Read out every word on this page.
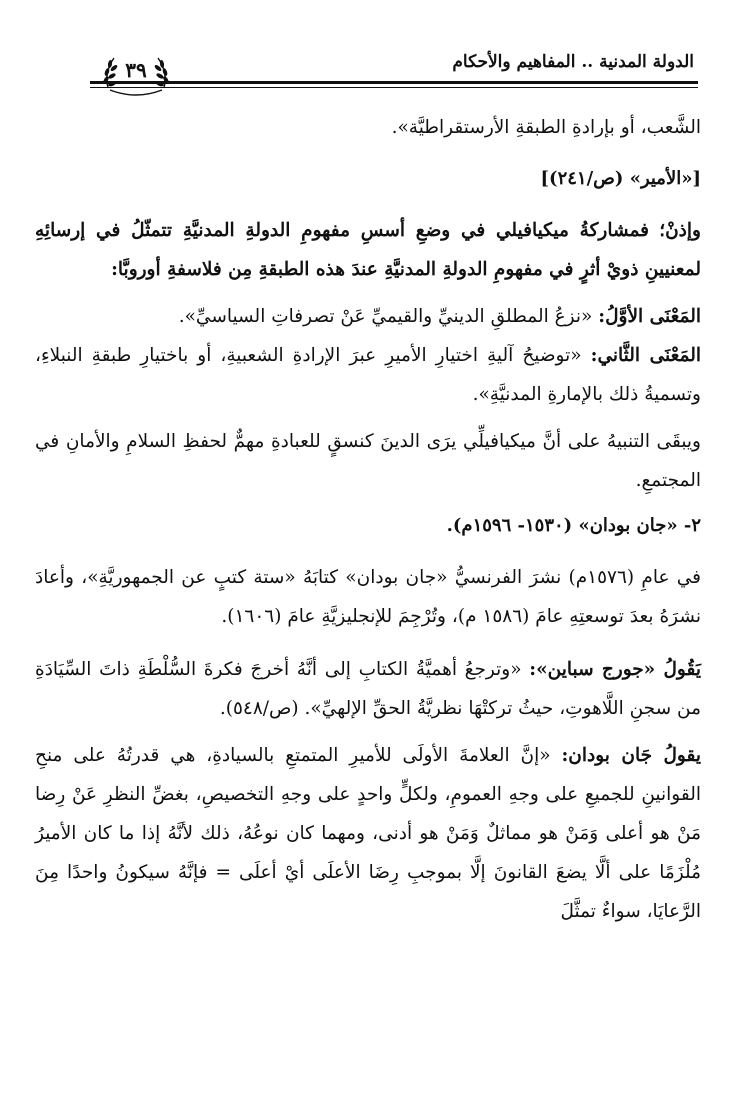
الدولة المدنية .. المفاهيم والأحكام
٣٩

الشَّعب، أو بإرادةِ الطبقةِ الأرستقراطيَّة».

[«الأمير» (ص/٢٤١)]

وإذنْ؛ فمشاركةُ ميكيافيلي في وضعِ أسسِ مفهومِ الدولةِ المدنيَّةِ تتمثّلُ في إرسائِهِ لمعنيينِ ذويْ أثرٍ في مفهومِ الدولةِ المدنيَّةِ عندَ هذه الطبقةِ مِن فلاسفةِ أوروبَّا:

المَعْنَى الأوَّلُ: «نزعُ المطلقِ الدينيِّ والقيميِّ عَنْ تصرفاتِ السياسيِّ».

المَعْنَى الثَّاني: «توضيحُ آليةِ اختيارِ الأميرِ عبرَ الإرادةِ الشعبيةِ، أو باختيارِ طبقةِ النبلاءِ، وتسميةُ ذلك بالإمارةِ المدنيَّةِ».

ويبقَى التنبيهُ على أنَّ ميكيافيلِّي يرَى الدينَ كنسقٍ للعبادةِ مهمٌّ لحفظِ السلامِ والأمانِ في المجتمعِ.

٢- «جان بودان» (١٥٣٠- ١٥٩٦م).

في عامِ (١٥٧٦م) نشرَ الفرنسيُّ «جان بودان» كتابَهُ «ستة كتبٍ عن الجمهوريَّةِ»، وأعادَ نشرَهُ بعدَ توسعتِهِ عامَ (١٥٨٦ م)، وتُرْجِمَ للإنجليزيَّةِ عامَ (١٦٠٦).

يَقُولُ «جورج سباين»: «وترجعُ أهميَّةُ الكتابِ إلى أنَّهُ أخرجَ فكرةَ السُّلْطَةِ ذاتَ السِّيَادَةِ من سجنِ اللَّاهوتِ، حيثُ تركتْهَا نظريَّةُ الحقِّ الإلهيِّ». (ص/٥٤٨).

يقولُ جَان بودان: «إنَّ العلامةَ الأولَى للأميرِ المتمتعِ بالسيادةِ، هي قدرتُهُ على منحِ القوانينِ للجميعِ على وجهِ العمومِ، ولكلٍّ واحدٍ على وجهِ التخصيصِ، بغضِّ النظرِ عَنْ رِضا مَنْ هو أعلى وَمَنْ هو مماثلٌ وَمَنْ هو أدنى، ومهما كان نوعُهُ، ذلك لأنَّهُ إذا ما كان الأميرُ مُلْزَمًا على ألَّا يضعَ القانونَ إلَّا بموجبِ رِضَا الأعلَى أيْ أعلَى = فإنَّهُ سيكونُ واحدًا مِنَ الرَّعايَا، سواءٌ تمثَّلَ
